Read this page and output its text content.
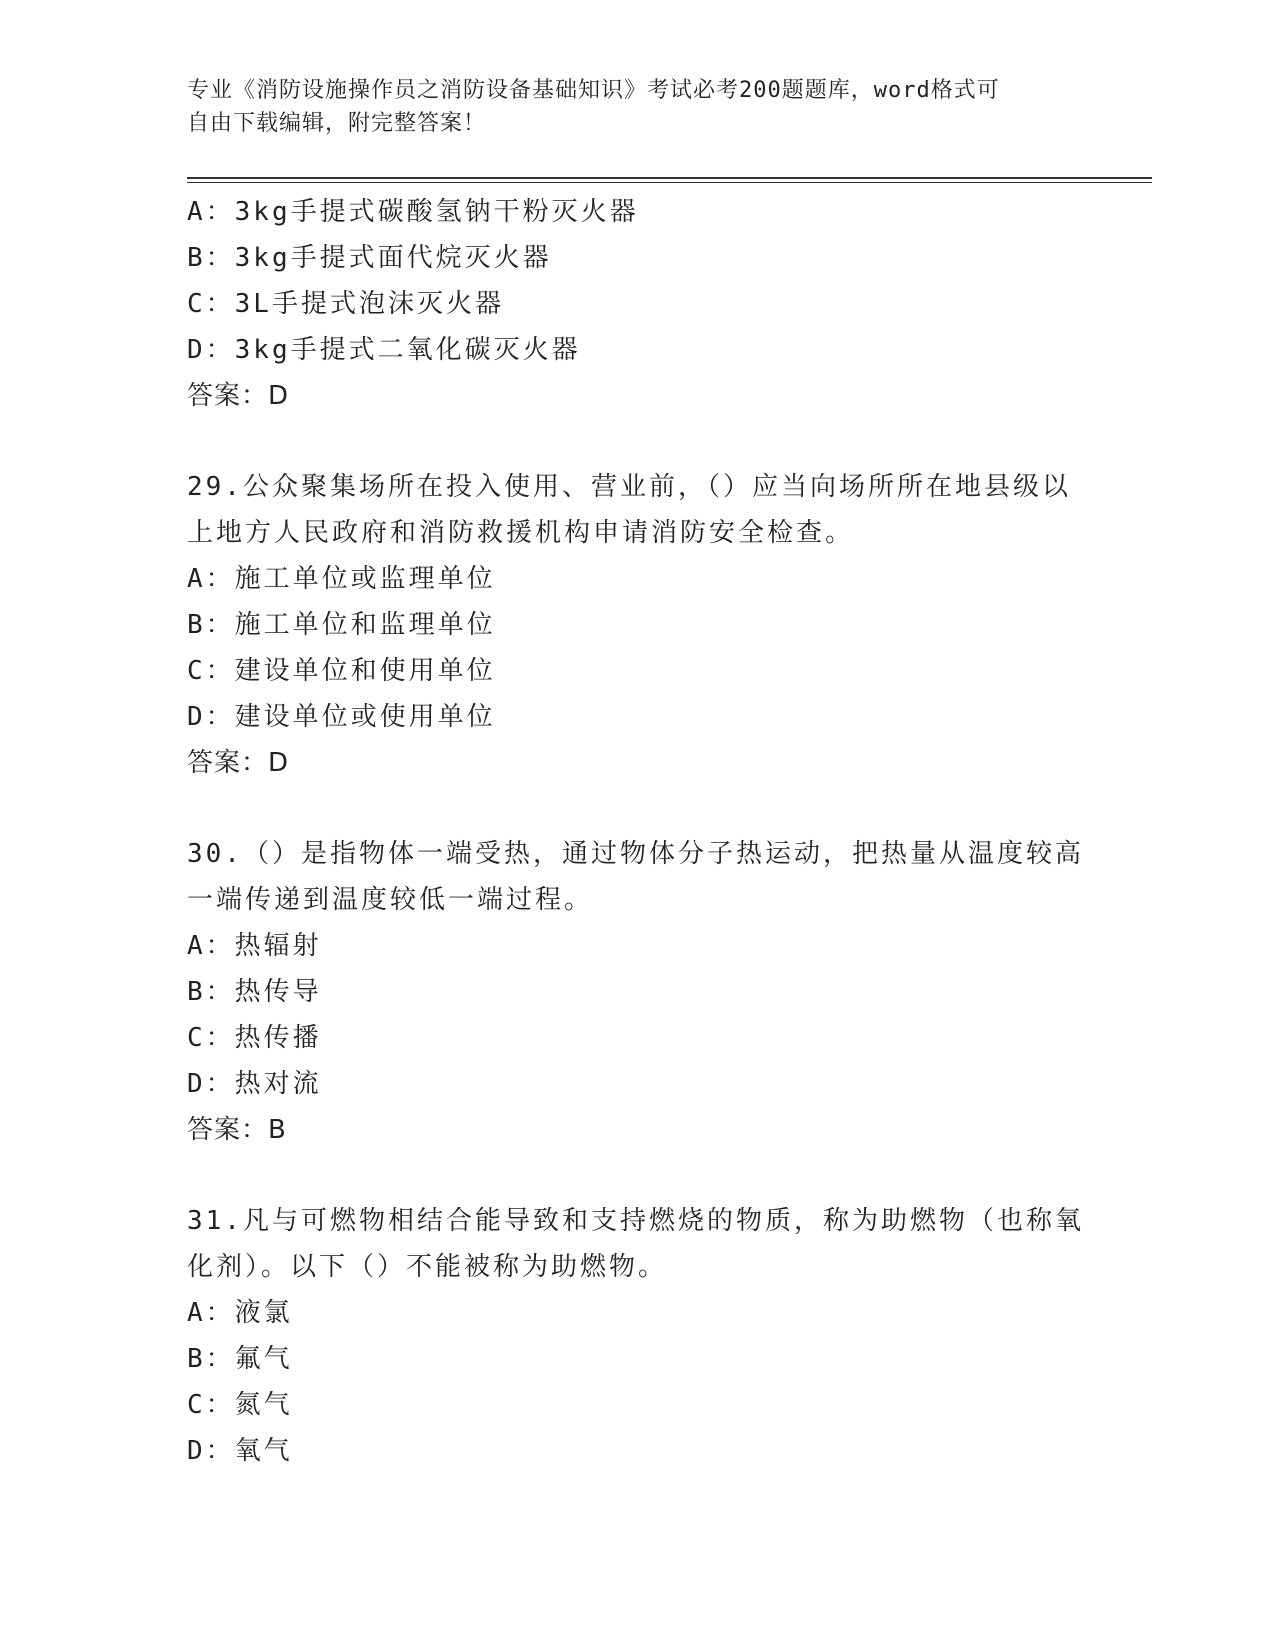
专业《消防设施操作员之消防设备基础知识》考试必考200题题库，word格式可
自由下载编辑，附完整答案！
A：3kg手提式碳酸氢钠干粉灭火器
B：3kg手提式面代烷灭火器
C：3L手提式泡沫灭火器
D：3kg手提式二氧化碳灭火器
答案：D
29.公众聚集场所在投入使用、营业前，（）应当向场所所在地县级以
上地方人民政府和消防救援机构申请消防安全检查。
A：施工单位或监理单位
B：施工单位和监理单位
C：建设单位和使用单位
D：建设单位或使用单位
答案：D
30.（）是指物体一端受热，通过物体分子热运动，把热量从温度较高
一端传递到温度较低一端过程。
A：热辐射
B：热传导
C：热传播
D：热对流
答案：B
31.凡与可燃物相结合能导致和支持燃烧的物质，称为助燃物（也称氧
化剂）。以下（）不能被称为助燃物。
A：液氯
B：氟气
C：氮气
D：氧气
